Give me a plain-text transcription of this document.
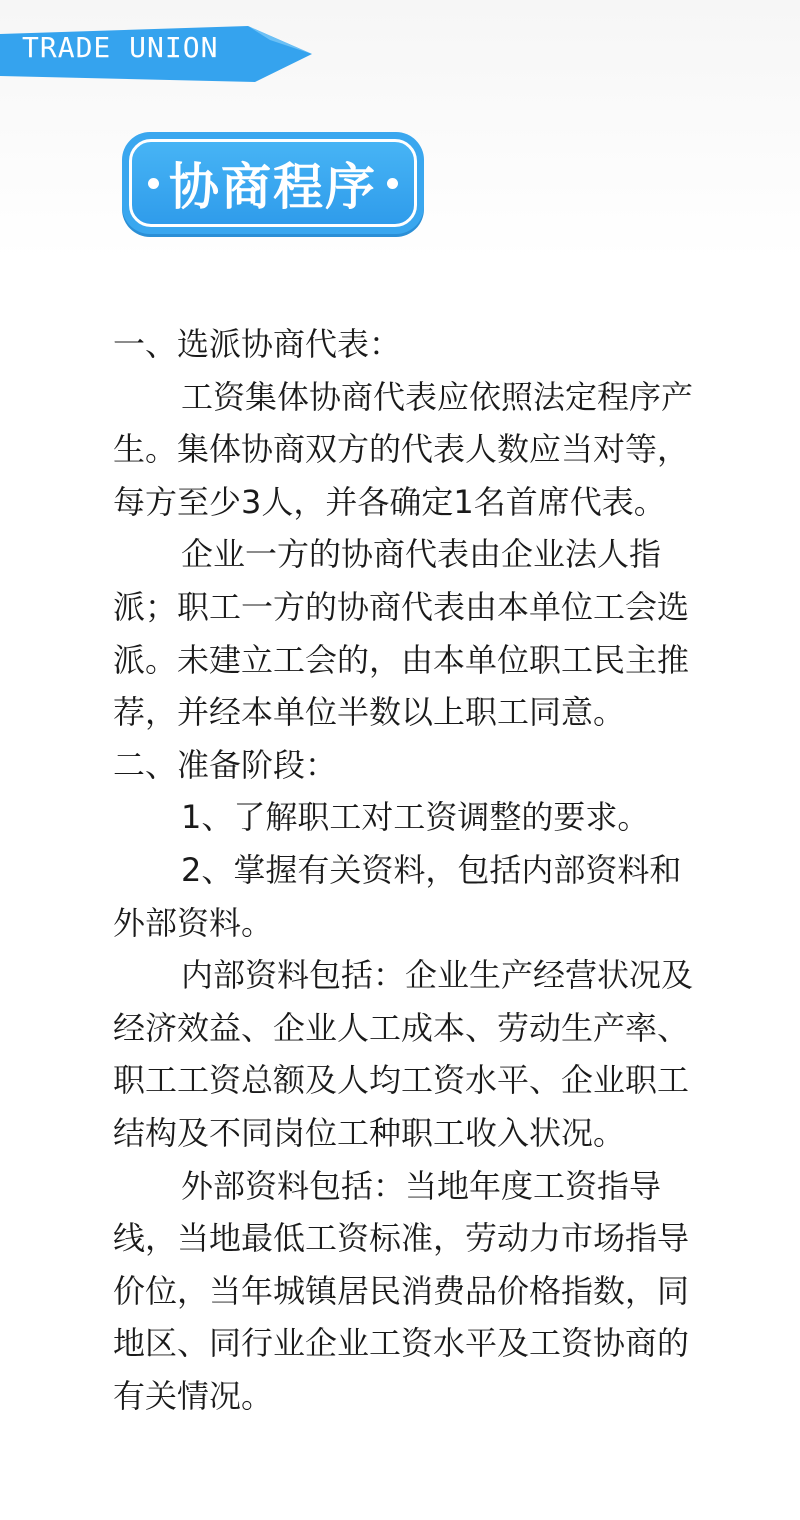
TRADE UNION
协商程序

一、选派协商代表：

工资集体协商代表应依照法定程序产生。集体协商双方的代表人数应当对等，每方至少3人，并各确定1名首席代表。

企业一方的协商代表由企业法人指派；职工一方的协商代表由本单位工会选派。未建立工会的，由本单位职工民主推荐，并经本单位半数以上职工同意。

二、准备阶段：

1、了解职工对工资调整的要求。

2、掌握有关资料，包括内部资料和外部资料。

内部资料包括：企业生产经营状况及经济效益、企业人工成本、劳动生产率、职工工资总额及人均工资水平、企业职工结构及不同岗位工种职工收入状况。

外部资料包括：当地年度工资指导线，当地最低工资标准，劳动力市场指导价位，当年城镇居民消费品价格指数，同地区、同行业企业工资水平及工资协商的有关情况。
